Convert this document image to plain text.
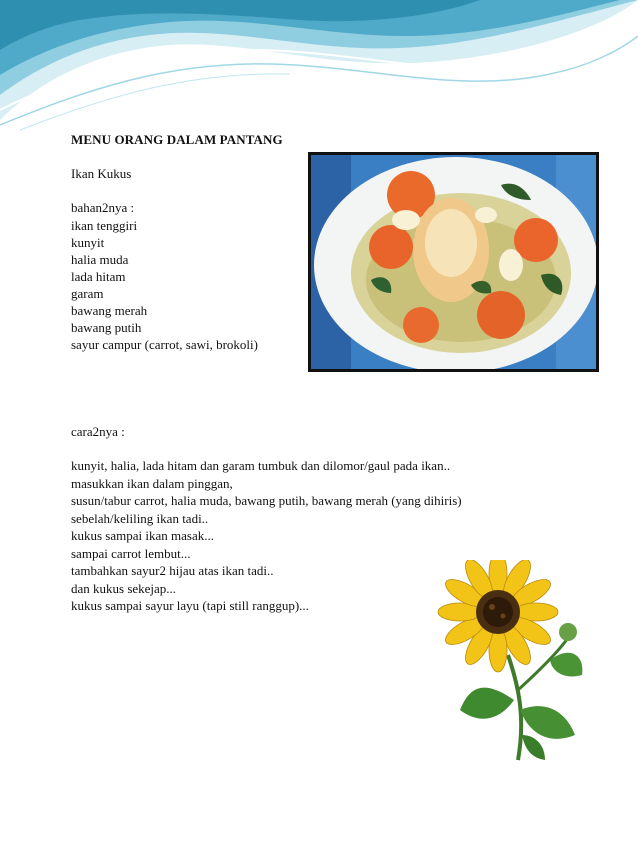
MENU ORANG DALAM PANTANG
Ikan Kukus
bahan2nya :
ikan tenggiri
kunyit
halia muda
lada hitam
garam
bawang merah
bawang putih
sayur campur (carrot, sawi, brokoli)
cara2nya :
kunyit, halia, lada hitam dan garam tumbuk dan dilomor/gaul pada ikan..
masukkan ikan dalam pinggan,
susun/tabur carrot, halia muda, bawang putih, bawang merah (yang dihiris)
sebelah/keliling ikan tadi..
kukus sampai ikan masak...
sampai carrot lembut...
tambahkan sayur2 hijau atas ikan tadi..
dan kukus sekejap...
kukus sampai sayur layu (tapi still ranggup)...
